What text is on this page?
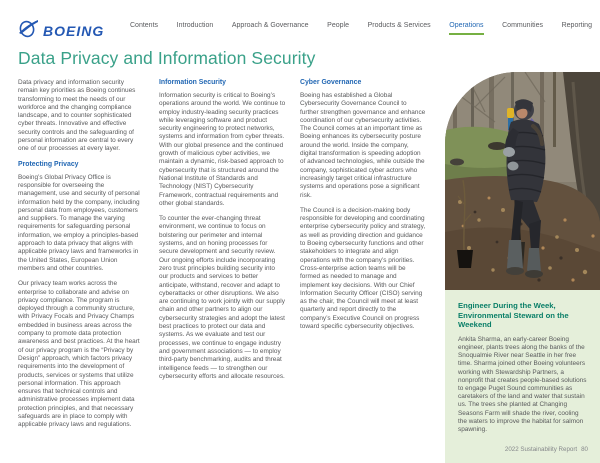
BOEING	Contents	Introduction	Approach & Governance	People	Products & Services	Operations	Communities	Reporting
Data Privacy and Information Security

Data privacy and information security remain key priorities as Boeing continues transforming to meet the needs of our workforce and the changing compliance landscape, and to counter sophisticated cyber threats. Innovative and effective security controls and the safeguarding of personal information are central to every one of our processes at every layer.

Protecting Privacy

Boeing’s Global Privacy Office is responsible for overseeing the management, use and security of personal information held by the company, including personal data from employees, customers and suppliers. To manage the varying requirements for safeguarding personal information, we employ a principles-based approach to data privacy that aligns with applicable privacy laws and frameworks in the United States, European Union members and other countries.

Our privacy team works across the enterprise to collaborate and advise on privacy compliance. The program is deployed through a community structure, with Privacy Focals and Privacy Champs embedded in business areas across the company to promote data protection awareness and best practices. At the heart of our privacy program is the “Privacy by Design” approach, which factors privacy requirements into the development of products, services or systems that utilize personal information. This approach ensures that technical controls and administrative processes implement data protection principles, and that necessary safeguards are in place to comply with applicable privacy laws and regulations.

Information Security

Information security is critical to Boeing’s operations around the world. We continue to employ industry-leading security practices while leveraging software and product security engineering to protect networks, systems and information from cyber threats. With our global presence and the continued growth of malicious cyber activities, we maintain a dynamic, risk-based approach to cybersecurity that is structured around the National Institute of Standards and Technology (NIST) Cybersecurity Framework, contractual requirements and other global standards.

To counter the ever-changing threat environment, we continue to focus on bolstering our perimeter and internal systems, and on honing processes for secure development and security review. Our ongoing efforts include incorporating zero trust principles building security into our products and services to better anticipate, withstand, recover and adapt to cyberattacks or other disruptions. We also are continuing to work jointly with our supply chain and other partners to align our cybersecurity strategies and adopt the latest best practices to protect our data and systems. As we evaluate and test our processes, we continue to engage industry and government associations — to employ third-party benchmarking, audits and threat intelligence feeds — to strengthen our cybersecurity efforts and allocate resources.

Cyber Governance

Boeing has established a Global Cybersecurity Governance Council to further strengthen governance and enhance coordination of our cybersecurity activities. The Council comes at an important time as Boeing enhances its cybersecurity posture around the world. Inside the company, digital transformation is speeding adoption of advanced technologies, while outside the company, sophisticated cyber actors who increasingly target critical infrastructure systems and operations pose a significant risk.

The Council is a decision-making body responsible for developing and coordinating enterprise cybersecurity policy and strategy, as well as providing direction and guidance to Boeing cybersecurity functions and other stakeholders to integrate and align operations with the company’s priorities. Cross-enterprise action teams will be formed as needed to manage and implement key decisions. With our Chief Information Security Officer (CISO) serving as the chair, the Council will meet at least quarterly and report directly to the company’s Executive Council on progress toward specific cybersecurity objectives.

Engineer During the Week, Environmental Steward on the Weekend
Ankita Sharma, an early-career Boeing engineer, plants trees along the banks of the Snoqualmie River near Seattle in her free time. Sharma joined other Boeing volunteers working with Stewardship Partners, a nonprofit that creates people-based solutions to engage Puget Sound communities as caretakers of the land and water that sustain us. The trees she planted at Changing Seasons Farm will shade the river, cooling the waters to improve the habitat for salmon spawning.
2022 Sustainability Report 80
